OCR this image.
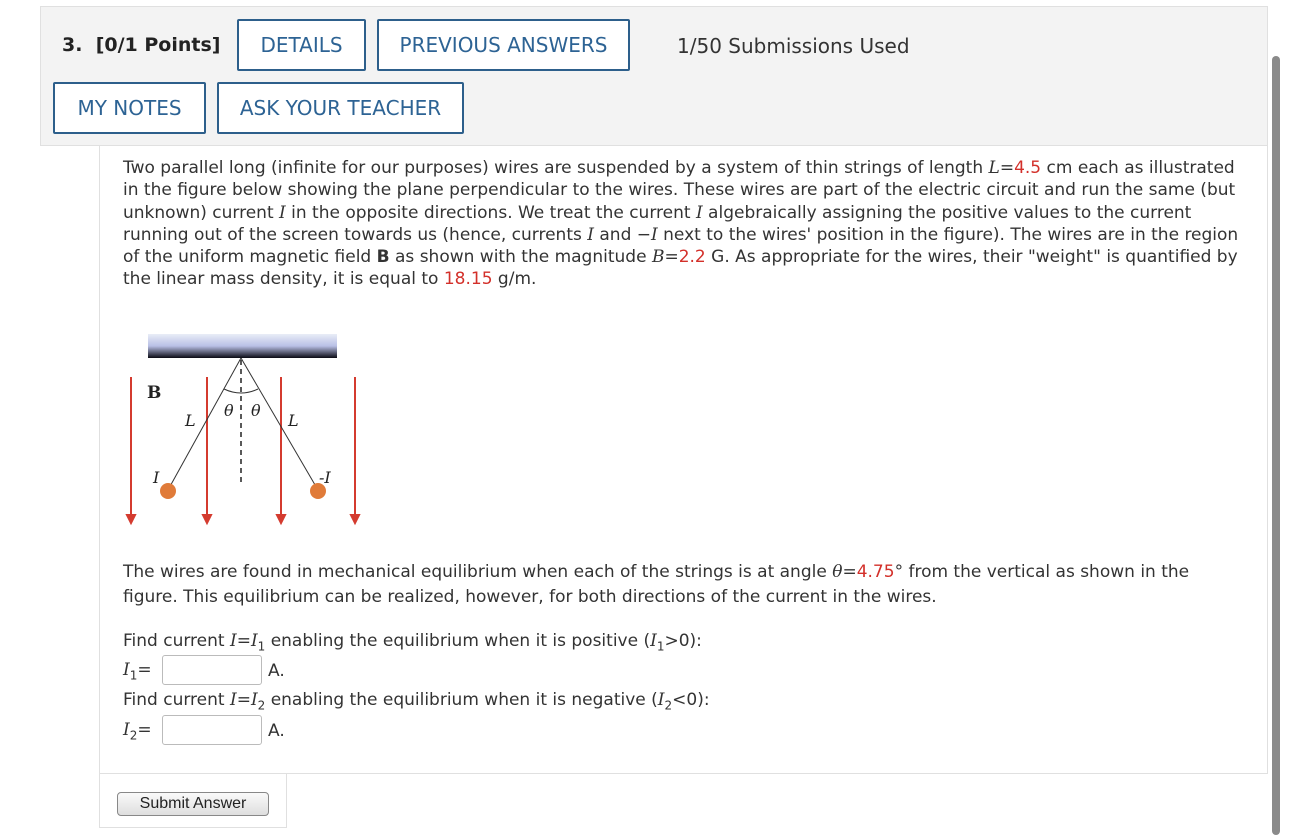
3. [0/1 Points]	DETAILS	PREVIOUS ANSWERS	1/50 Submissions Used
MY NOTES	ASK YOUR TEACHER
Two parallel long (infinite for our purposes) wires are suspended by a system of thin strings of length L=4.5 cm each as illustrated in the figure below showing the plane perpendicular to the wires. These wires are part of the electric circuit and run the same (but unknown) current I in the opposite directions. We treat the current I algebraically assigning the positive values to the current running out of the screen towards us (hence, currents I and −I next to the wires' position in the figure). The wires are in the region of the uniform magnetic field B as shown with the magnitude B=2.2 G. As appropriate for the wires, their "weight" is quantified by the linear mass density, it is equal to 18.15 g/m.
B
L	L
θ θ
I	-I
The wires are found in mechanical equilibrium when each of the strings is at angle θ=4.75° from the vertical as shown in the figure. This equilibrium can be realized, however, for both directions of the current in the wires.
Find current $I=I_1$ enabling the equilibrium when it is positive $(I_1>0)$:
$I_1=$	A.
Find current $I=I_2$ enabling the equilibrium when it is negative $(I_2<0)$:
$I_2=$	A.
Submit Answer
